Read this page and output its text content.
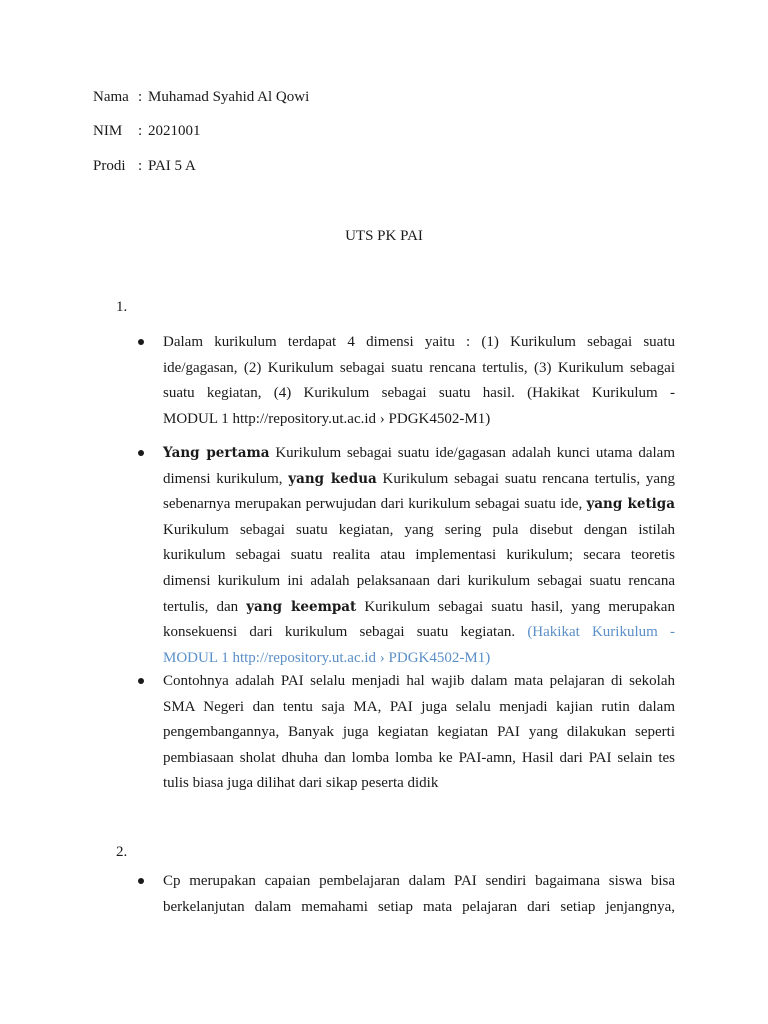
Nama : Muhamad Syahid Al Qowi
NIM : 2021001
Prodi : PAI 5 A
UTS PK PAI
1.
Dalam kurikulum terdapat 4 dimensi yaitu : (1) Kurikulum sebagai suatu
ide/gagasan, (2) Kurikulum sebagai suatu rencana tertulis, (3) Kurikulum sebagai
suatu kegiatan, (4) Kurikulum sebagai suatu hasil. (Hakikat Kurikulum -
MODUL 1 http://repository.ut.ac.id › PDGK4502-M1)
Yang pertama Kurikulum sebagai suatu ide/gagasan adalah kunci utama dalam
dimensi kurikulum, yang kedua Kurikulum sebagai suatu rencana tertulis, yang
sebenarnya merupakan perwujudan dari kurikulum sebagai suatu ide, yang ketiga
Kurikulum sebagai suatu kegiatan, yang sering pula disebut dengan istilah
kurikulum sebagai suatu realita atau implementasi kurikulum; secara teoretis
dimensi kurikulum ini adalah pelaksanaan dari kurikulum sebagai suatu rencana
tertulis, dan yang keempat Kurikulum sebagai suatu hasil, yang merupakan
konsekuensi dari kurikulum sebagai suatu kegiatan. (Hakikat Kurikulum -
MODUL 1 http://repository.ut.ac.id › PDGK4502-M1)
Contohnya adalah PAI selalu menjadi hal wajib dalam mata pelajaran di sekolah
SMA Negeri dan tentu saja MA, PAI juga selalu menjadi kajian rutin dalam
pengembangannya, Banyak juga kegiatan kegiatan PAI yang dilakukan seperti
pembiasaan sholat dhuha dan lomba lomba ke PAI-amn, Hasil dari PAI selain tes
tulis biasa juga dilihat dari sikap peserta didik
2.
Cp merupakan capaian pembelajaran dalam PAI sendiri bagaimana siswa bisa
berkelanjutan dalam memahami setiap mata pelajaran dari setiap jenjangnya,
